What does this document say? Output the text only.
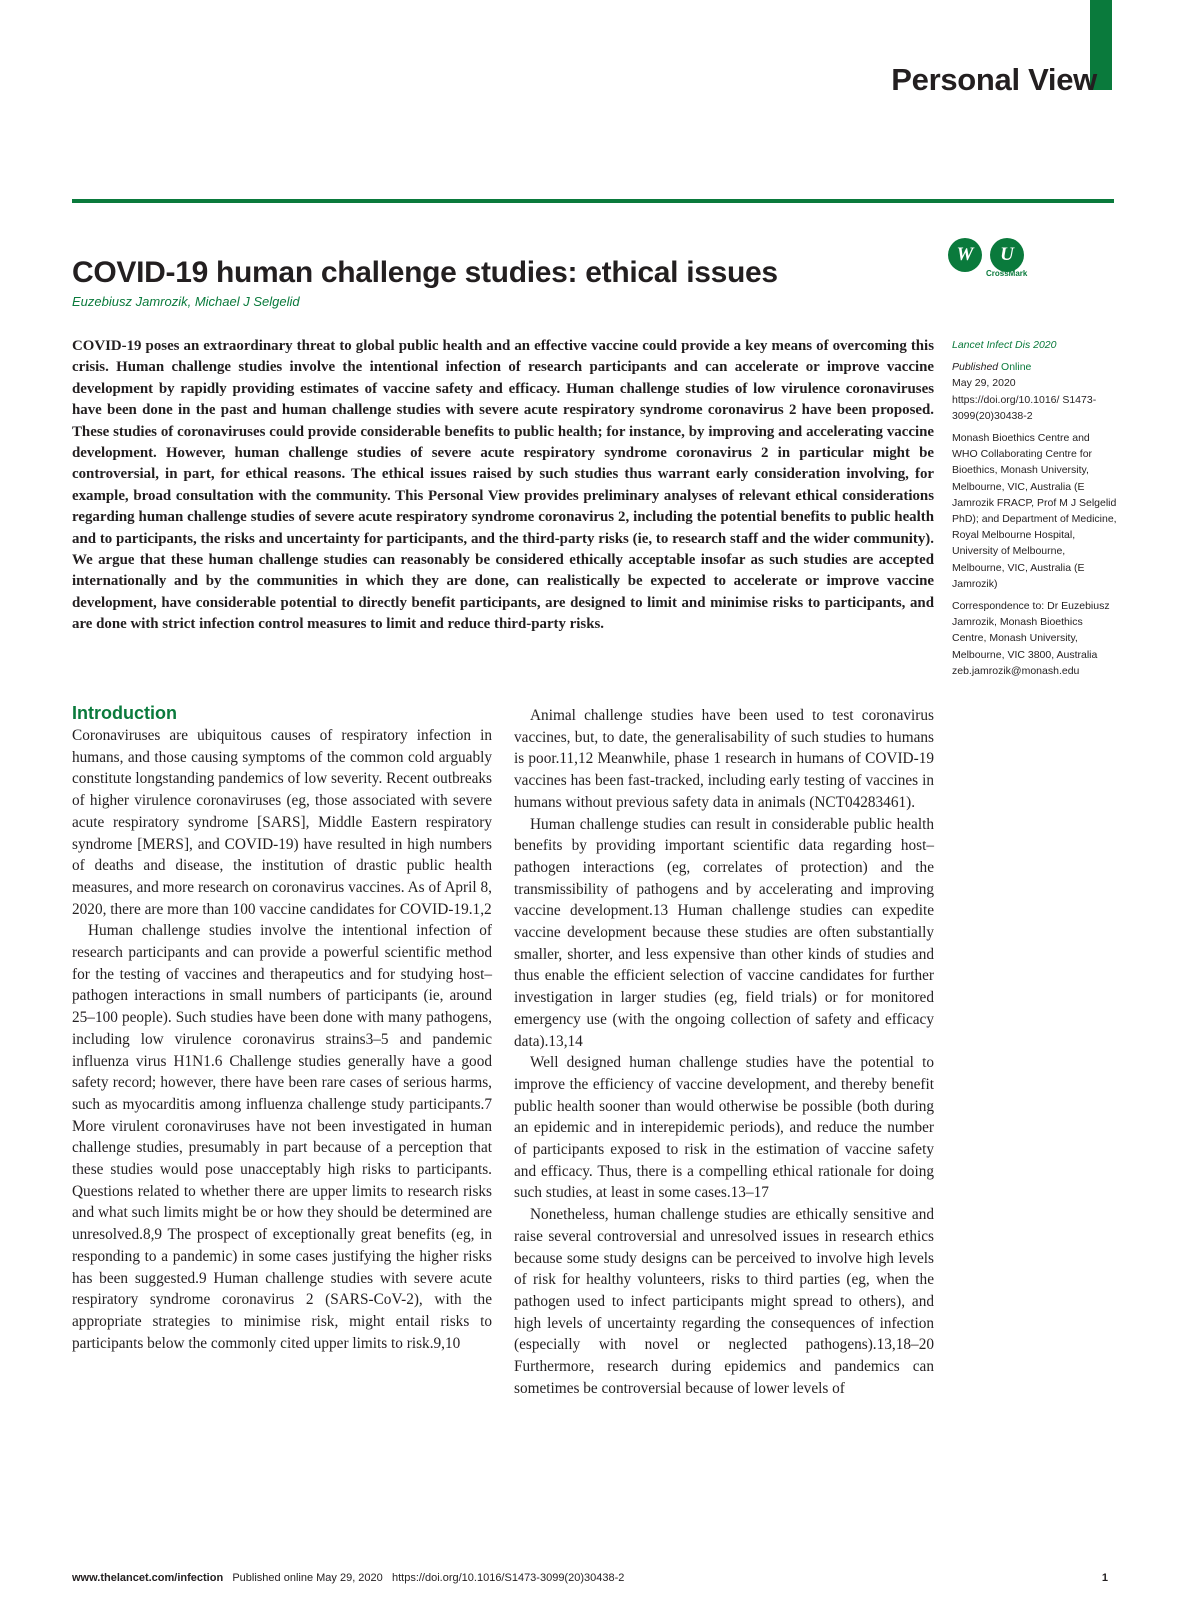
Personal View
COVID-19 human challenge studies: ethical issues
W	U
CrossMark
Euzebiusz Jamrozik, Michael J Selgelid

COVID-19 poses an extraordinary threat to global public health and an effective vaccine could provide a key means of overcoming this crisis. Human challenge studies involve the intentional infection of research participants and can accelerate or improve vaccine development by rapidly providing estimates of vaccine safety and efficacy. Human challenge studies of low virulence coronaviruses have been done in the past and human challenge studies with severe acute respiratory syndrome coronavirus 2 have been proposed. These studies of coronaviruses could provide considerable benefits to public health; for instance, by improving and accelerating vaccine development. However, human challenge studies of severe acute respiratory syndrome coronavirus 2 in particular might be controversial, in part, for ethical reasons. The ethical issues raised by such studies thus warrant early consideration involving, for example, broad consultation with the community. This Personal View provides preliminary analyses of relevant ethical considerations regarding human challenge studies of severe acute respiratory syndrome coronavirus 2, including the potential benefits to public health and to participants, the risks and uncertainty for participants, and the third-party risks (ie, to research staff and the wider community). We argue that these human challenge studies can reasonably be considered ethically acceptable insofar as such studies are accepted internationally and by the communities in which they are done, can realistically be expected to accelerate or improve vaccine development, have considerable potential to directly benefit participants, are designed to limit and minimise risks to participants, and are done with strict infection control measures to limit and reduce third-party risks.

Lancet Infect Dis 2020

Published Online
May 29, 2020
https://doi.org/10.1016/ S1473-3099(20)30438-2

Monash Bioethics Centre and WHO Collaborating Centre for Bioethics, Monash University, Melbourne, VIC, Australia (E Jamrozik FRACP, Prof M J Selgelid PhD); and Department of Medicine, Royal Melbourne Hospital, University of Melbourne, Melbourne, VIC, Australia (E Jamrozik)

Correspondence to: Dr Euzebiusz Jamrozik, Monash Bioethics Centre, Monash University, Melbourne, VIC 3800, Australia
zeb.jamrozik@monash.edu

Introduction

Coronaviruses are ubiquitous causes of respiratory infection in humans, and those causing symptoms of the common cold arguably constitute longstanding pandemics of low severity. Recent outbreaks of higher virulence coronaviruses (eg, those associated with severe acute respiratory syndrome [SARS], Middle Eastern respiratory syndrome [MERS], and COVID-19) have resulted in high numbers of deaths and disease, the institution of drastic public health measures, and more research on coronavirus vaccines. As of April 8, 2020, there are more than 100 vaccine candidates for COVID-19.1,2

Human challenge studies involve the intentional infection of research participants and can provide a powerful scientific method for the testing of vaccines and therapeutics and for studying host–pathogen interactions in small numbers of participants (ie, around 25–100 people). Such studies have been done with many pathogens, including low virulence coronavirus strains3–5 and pandemic influenza virus H1N1.6 Challenge studies generally have a good safety record; however, there have been rare cases of serious harms, such as myocarditis among influenza challenge study participants.7 More virulent coronaviruses have not been investigated in human challenge studies, presumably in part because of a perception that these studies would pose unacceptably high risks to participants. Questions related to whether there are upper limits to research risks and what such limits might be or how they should be determined are unresolved.8,9 The prospect of exceptionally great benefits (eg, in responding to a pandemic) in some cases justifying the higher risks has been suggested.9 Human challenge studies with severe acute respiratory syndrome coronavirus 2 (SARS-CoV-2), with the appropriate strategies to minimise risk, might entail risks to participants below the commonly cited upper limits to risk.9,10

Animal challenge studies have been used to test coronavirus vaccines, but, to date, the generalisability of such studies to humans is poor.11,12 Meanwhile, phase 1 research in humans of COVID-19 vaccines has been fast-tracked, including early testing of vaccines in humans without previous safety data in animals (NCT04283461).

Human challenge studies can result in considerable public health benefits by providing important scientific data regarding host–pathogen interactions (eg, correlates of protection) and the transmissibility of pathogens and by accelerating and improving vaccine development.13 Human challenge studies can expedite vaccine development because these studies are often substantially smaller, shorter, and less expensive than other kinds of studies and thus enable the efficient selection of vaccine candidates for further investigation in larger studies (eg, field trials) or for monitored emergency use (with the ongoing collection of safety and efficacy data).13,14

Well designed human challenge studies have the potential to improve the efficiency of vaccine development, and thereby benefit public health sooner than would otherwise be possible (both during an epidemic and in interepidemic periods), and reduce the number of participants exposed to risk in the estimation of vaccine safety and efficacy. Thus, there is a compelling ethical rationale for doing such studies, at least in some cases.13–17

Nonetheless, human challenge studies are ethically sensitive and raise several controversial and unresolved issues in research ethics because some study designs can be perceived to involve high levels of risk for healthy volunteers, risks to third parties (eg, when the pathogen used to infect participants might spread to others), and high levels of uncertainty regarding the consequences of infection (especially with novel or neglected pathogens).13,18–20 Furthermore, research during epidemics and pandemics can sometimes be controversial because of lower levels of

www.thelancet.com/infection Published online May 29, 2020 https://doi.org/10.1016/S1473-3099(20)30438-2	1
